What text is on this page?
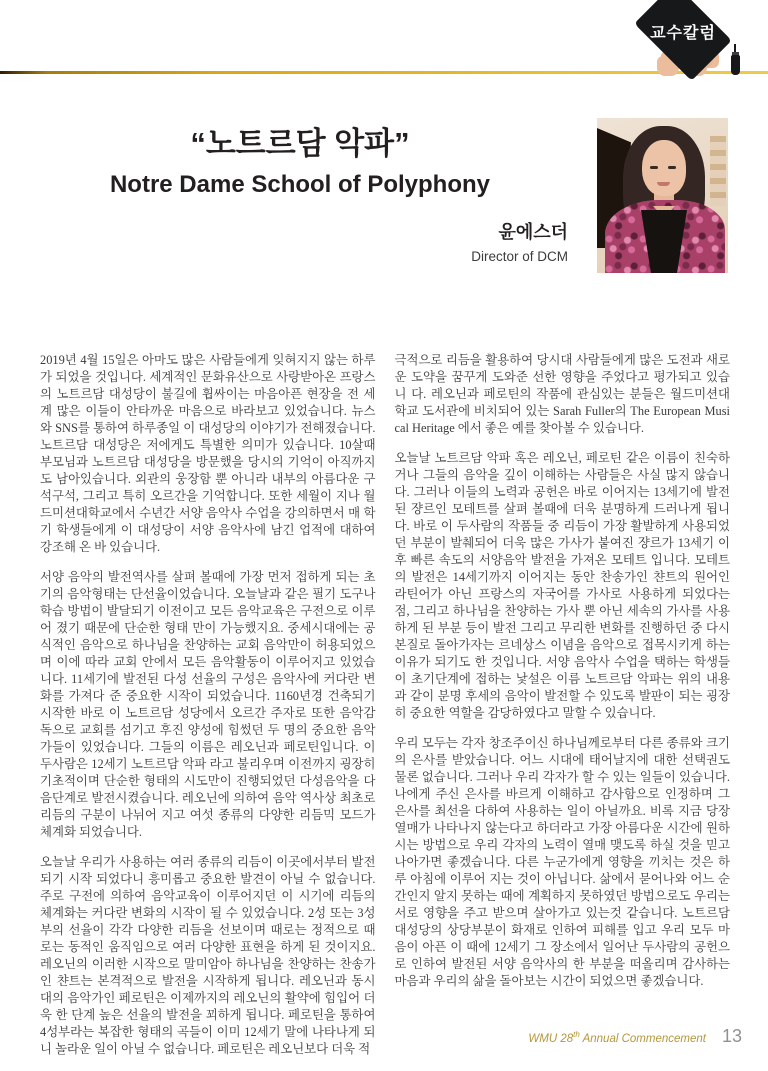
교수칼럼
“노트르담 악파”
Notre Dame School of Polyphony
윤에스더
Director of DCM

2019년 4월 15일은 아마도 많은 사람들에게 잊혀지지 않는 하루가 되었을 것입니다. 세계적인 문화유산으로 사랑받아온 프랑스의 노트르담 대성당이 불길에 휩싸이는 마음아픈 현장을 전 세계 많은 이들이 안타까운 마음으로 바라보고 있었습니다. 뉴스와 SNS를 통하여 하루종일 이 대성당의 이야기가 전해졌습니다. 노트르담 대성당은 저에게도 특별한 의미가 있습니다. 10살때 부모님과 노트르담 대성당을 방문했을 당시의 기억이 아직까지도 남아있습니다. 외관의 웅장함 뿐 아니라 내부의 아름다운 구석구석, 그리고 특히 오르간을 기억합니다. 또한 세월이 지나 월드미션대학교에서 수년간 서양 음악사 수업을 강의하면서 매 학기 학생들에게 이 대성당이 서양 음악사에 남긴 업적에 대하여 강조해 온 바 있습니다.

서양 음악의 발전역사를 살펴 볼때에 가장 먼저 접하게 되는 초기의 음악형태는 단선율이었습니다. 오늘날과 같은 필기 도구나 학습 방법이 발달되기 이전이고 모든 음악교육은 구전으로 이루어 졌기 때문에 단순한 형태 만이 가능했지요. 중세시대에는 공식적인 음악으로 하나님을 찬양하는 교회 음악만이 허용되었으며 이에 따라 교회 안에서 모든 음악활동이 이루어지고 있었습니다. 11세기에 발전된 다성 선율의 구성은 음악사에 커다란 변화를 가져다 준 중요한 시작이 되었습니다. 1160년경 건축되기 시작한 바로 이 노트르담 성당에서 오르간 주자로 또한 음악감독으로 교회를 섬기고 후진 양성에 힘썼던 두 명의 중요한 음악가들이 있었습니다. 그들의 이름은 레오닌과 페로틴입니다. 이 두사람은 12세기 노트르담 악파 라고 불리우며 이전까지 굉장히 기초적이며 단순한 형태의 시도만이 진행되었던 다성음악을 다음단계로 발전시켰습니다. 레오닌에 의하여 음악 역사상 최초로 리듬의 구분이 나뉘어 지고 여섯 종류의 다양한 리듬믹 모드가 체계화 되었습니다.

오늘날 우리가 사용하는 여러 종류의 리듬이 이곳에서부터 발전되기 시작 되었다니 흥미롭고 중요한 발견이 아닐 수 없습니다. 주로 구전에 의하여 음악교육이 이루어지던 이 시기에 리듬의 체계화는 커다란 변화의 시작이 될 수 있었습니다. 2성 또는 3성부의 선율이 각각 다양한 리듬을 선보이며 때로는 정적으로 때로는 동적인 움직임으로 여러 다양한 표현을 하게 된 것이지요. 레오닌의 이러한 시작으로 말미암아 하나님을 찬양하는 찬송가인 챤트는 본격적으로 발전을 시작하게 됩니다. 레오닌과 동시대의 음악가인 페로틴은 이제까지의 레오닌의 활약에 힘입어 더욱 한 단계 높은 선율의 발전을 꾀하게 됩니다. 페로틴을 통하여 4성부라는 복잡한 형태의 곡들이 이미 12세기 말에 나타나게 되니 놀라운 일이 아닐 수 없습니다. 페로틴은 레오닌보다 더욱 적

극적으로 리듬을 활용하여 당시대 사람들에게 많은 도전과 새로운 도약을 꿈꾸게 도와준 선한 영향을 주었다고 평가되고 있습니 다. 레오닌과 페로틴의 작품에 관심있는 분들은 월드미션대학교 도서관에 비치되어 있는 Sarah Fuller의 The European Musical Heritage 에서 좋은 예를 찾아볼 수 있습니다.

오늘날 노트르담 악파 혹은 레오닌, 페로틴 같은 이름이 친숙하거나 그들의 음악을 깊이 이해하는 사람들은 사실 많지 않습니다. 그러나 이들의 노력과 공헌은 바로 이어지는 13세기에 발전된 쟝르인 모테트를 살펴 볼때에 더욱 분명하게 드러나게 됩니다. 바로 이 두사람의 작품들 중 리듬이 가장 활발하게 사용되었던 부분이 발췌되어 더욱 많은 가사가 붙여진 쟝르가 13세기 이후 빠른 속도의 서양음악 발전을 가져온 모테트 입니다. 모테트 의 발전은 14세기까지 이어지는 동안 찬송가인 챤트의 원어인 라틴어가 아닌 프랑스의 자국어를 가사로 사용하게 되었다는 점, 그리고 하나님을 찬양하는 가사 뿐 아닌 세속의 가사를 사용하게 된 부분 등이 발전 그리고 무리한 변화를 진행하던 중 다시 본질로 돌아가자는 르네상스 이념을 음악으로 접목시키게 하는 이유가 되기도 한 것입니다. 서양 음악사 수업을 택하는 학생들이 초기단계에 접하는 낯설은 이름 노트르담 악파는 위의 내용과 같이 분명 후세의 음악이 발전할 수 있도록 발판이 되는 굉장히 중요한 역할을 감당하였다고 말할 수 있습니다.

우리 모두는 각자 창조주이신 하나님께로부터 다른 종류와 크기의 은사를 받았습니다. 어느 시대에 태어날지에 대한 선택권도 물론 없습니다. 그러나 우리 각자가 할 수 있는 일들이 있습니다. 나에게 주신 은사를 바르게 이해하고 감사함으로 인정하며 그 은사를 최선을 다하여 사용하는 일이 아닐까요. 비록 지금 당장 열매가 나타나지 않는다고 하더라고 가장 아름다운 시간에 원하시는 방법으로 우리 각자의 노력이 열매 맺도록 하실 것을 믿고 나아가면 좋겠습니다. 다른 누군가에게 영향을 끼치는 것은 하루 아침에 이루어 지는 것이 아닙니다. 삶에서 묻어나와 어느 순간인지 알지 못하는 때에 계획하지 못하였던 방법으로도 우리는 서로 영향을 주고 받으며 살아가고 있는것 같습니다. 노트르담 대성당의 상당부분이 화재로 인하여 피해를 입고 우리 모두 마음이 아픈 이 때에 12세기 그 장소에서 일어난 두사람의 공헌으로 인하여 발전된 서양 음악사의 한 부분을 떠올리며 감사하는 마음과 우리의 삶을 돌아보는 시간이 되었으면 좋겠습니다.

WMU 28th Annual Commencement 13
